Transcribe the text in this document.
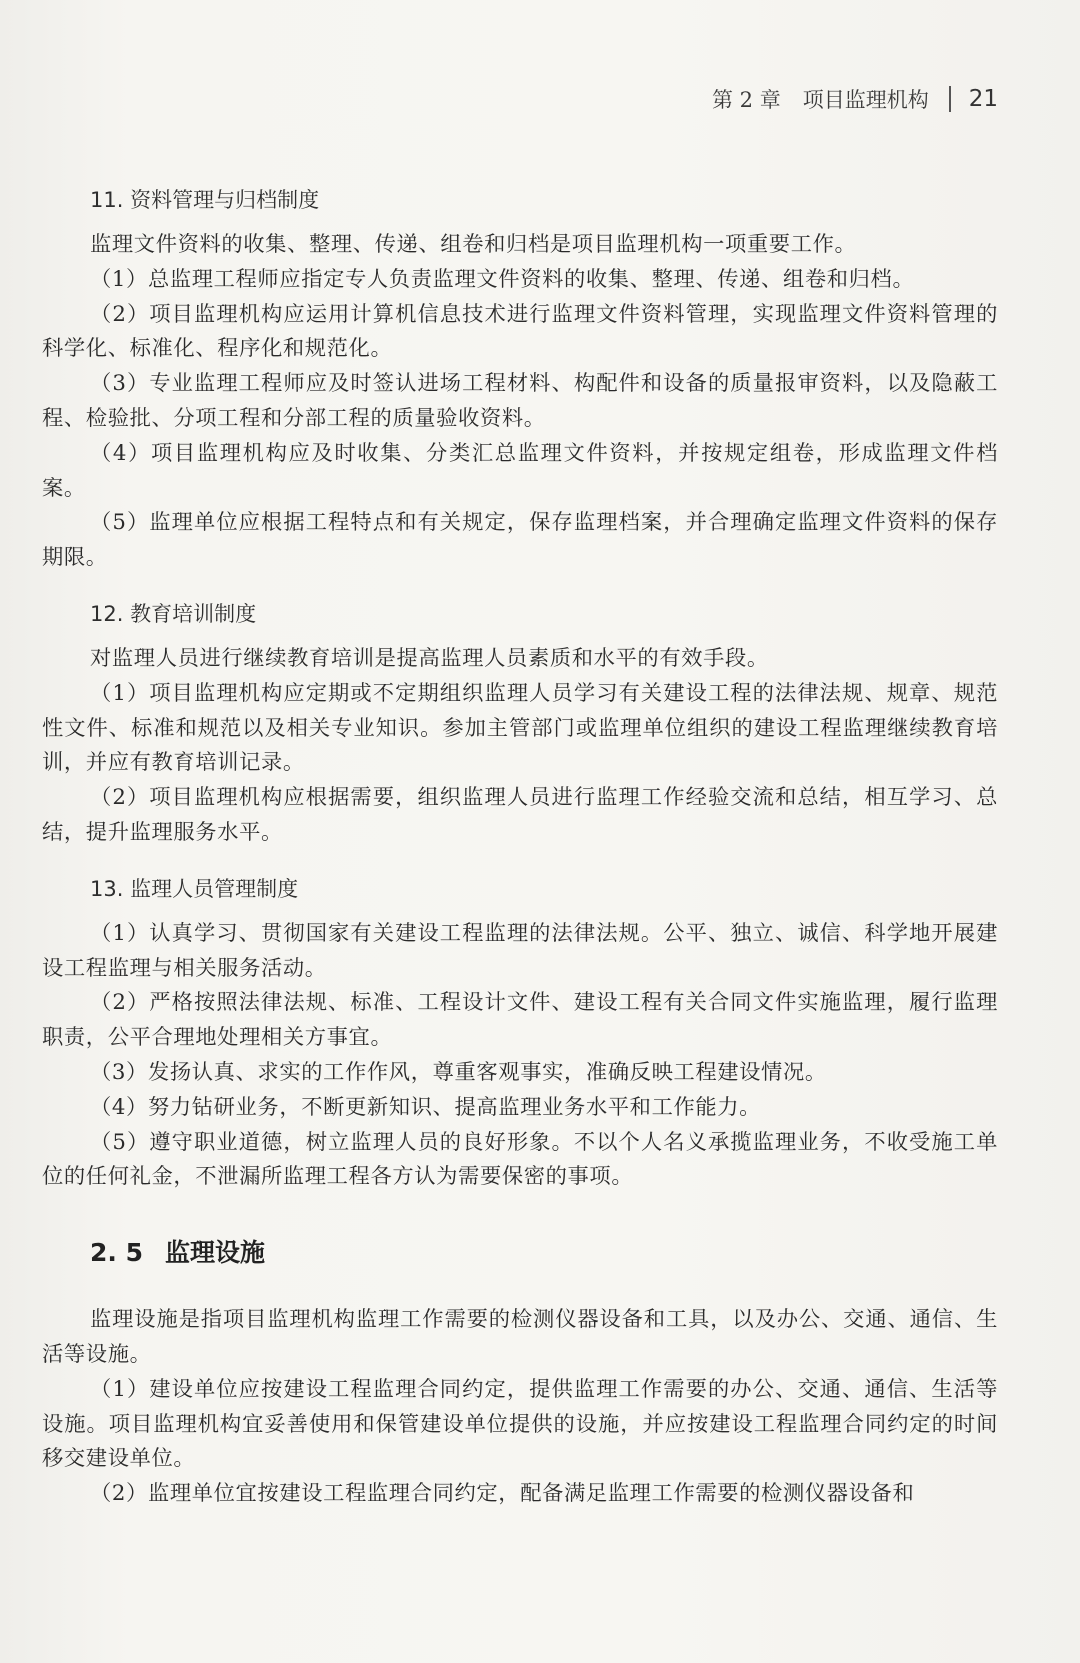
第 2 章 项目监理机构 21
11. 资料管理与归档制度

监理文件资料的收集、整理、传递、组卷和归档是项目监理机构一项重要工作。

（1）总监理工程师应指定专人负责监理文件资料的收集、整理、传递、组卷和归档。

（2）项目监理机构应运用计算机信息技术进行监理文件资料管理，实现监理文件资料管理的科学化、标准化、程序化和规范化。

（3）专业监理工程师应及时签认进场工程材料、构配件和设备的质量报审资料，以及隐蔽工程、检验批、分项工程和分部工程的质量验收资料。

（4）项目监理机构应及时收集、分类汇总监理文件资料，并按规定组卷，形成监理文件档案。

（5）监理单位应根据工程特点和有关规定，保存监理档案，并合理确定监理文件资料的保存期限。

12. 教育培训制度

对监理人员进行继续教育培训是提高监理人员素质和水平的有效手段。

（1）项目监理机构应定期或不定期组织监理人员学习有关建设工程的法律法规、规章、规范性文件、标准和规范以及相关专业知识。参加主管部门或监理单位组织的建设工程监理继续教育培训，并应有教育培训记录。

（2）项目监理机构应根据需要，组织监理人员进行监理工作经验交流和总结，相互学习、总结，提升监理服务水平。

13. 监理人员管理制度

（1）认真学习、贯彻国家有关建设工程监理的法律法规。公平、独立、诚信、科学地开展建设工程监理与相关服务活动。

（2）严格按照法律法规、标准、工程设计文件、建设工程有关合同文件实施监理，履行监理职责，公平合理地处理相关方事宜。

（3）发扬认真、求实的工作作风，尊重客观事实，准确反映工程建设情况。

（4）努力钻研业务，不断更新知识、提高监理业务水平和工作能力。

（5）遵守职业道德，树立监理人员的良好形象。不以个人名义承揽监理业务，不收受施工单位的任何礼金，不泄漏所监理工程各方认为需要保密的事项。

2. 5 监理设施

监理设施是指项目监理机构监理工作需要的检测仪器设备和工具，以及办公、交通、通信、生活等设施。

（1）建设单位应按建设工程监理合同约定，提供监理工作需要的办公、交通、通信、生活等设施。项目监理机构宜妥善使用和保管建设单位提供的设施，并应按建设工程监理合同约定的时间移交建设单位。

（2）监理单位宜按建设工程监理合同约定，配备满足监理工作需要的检测仪器设备和
